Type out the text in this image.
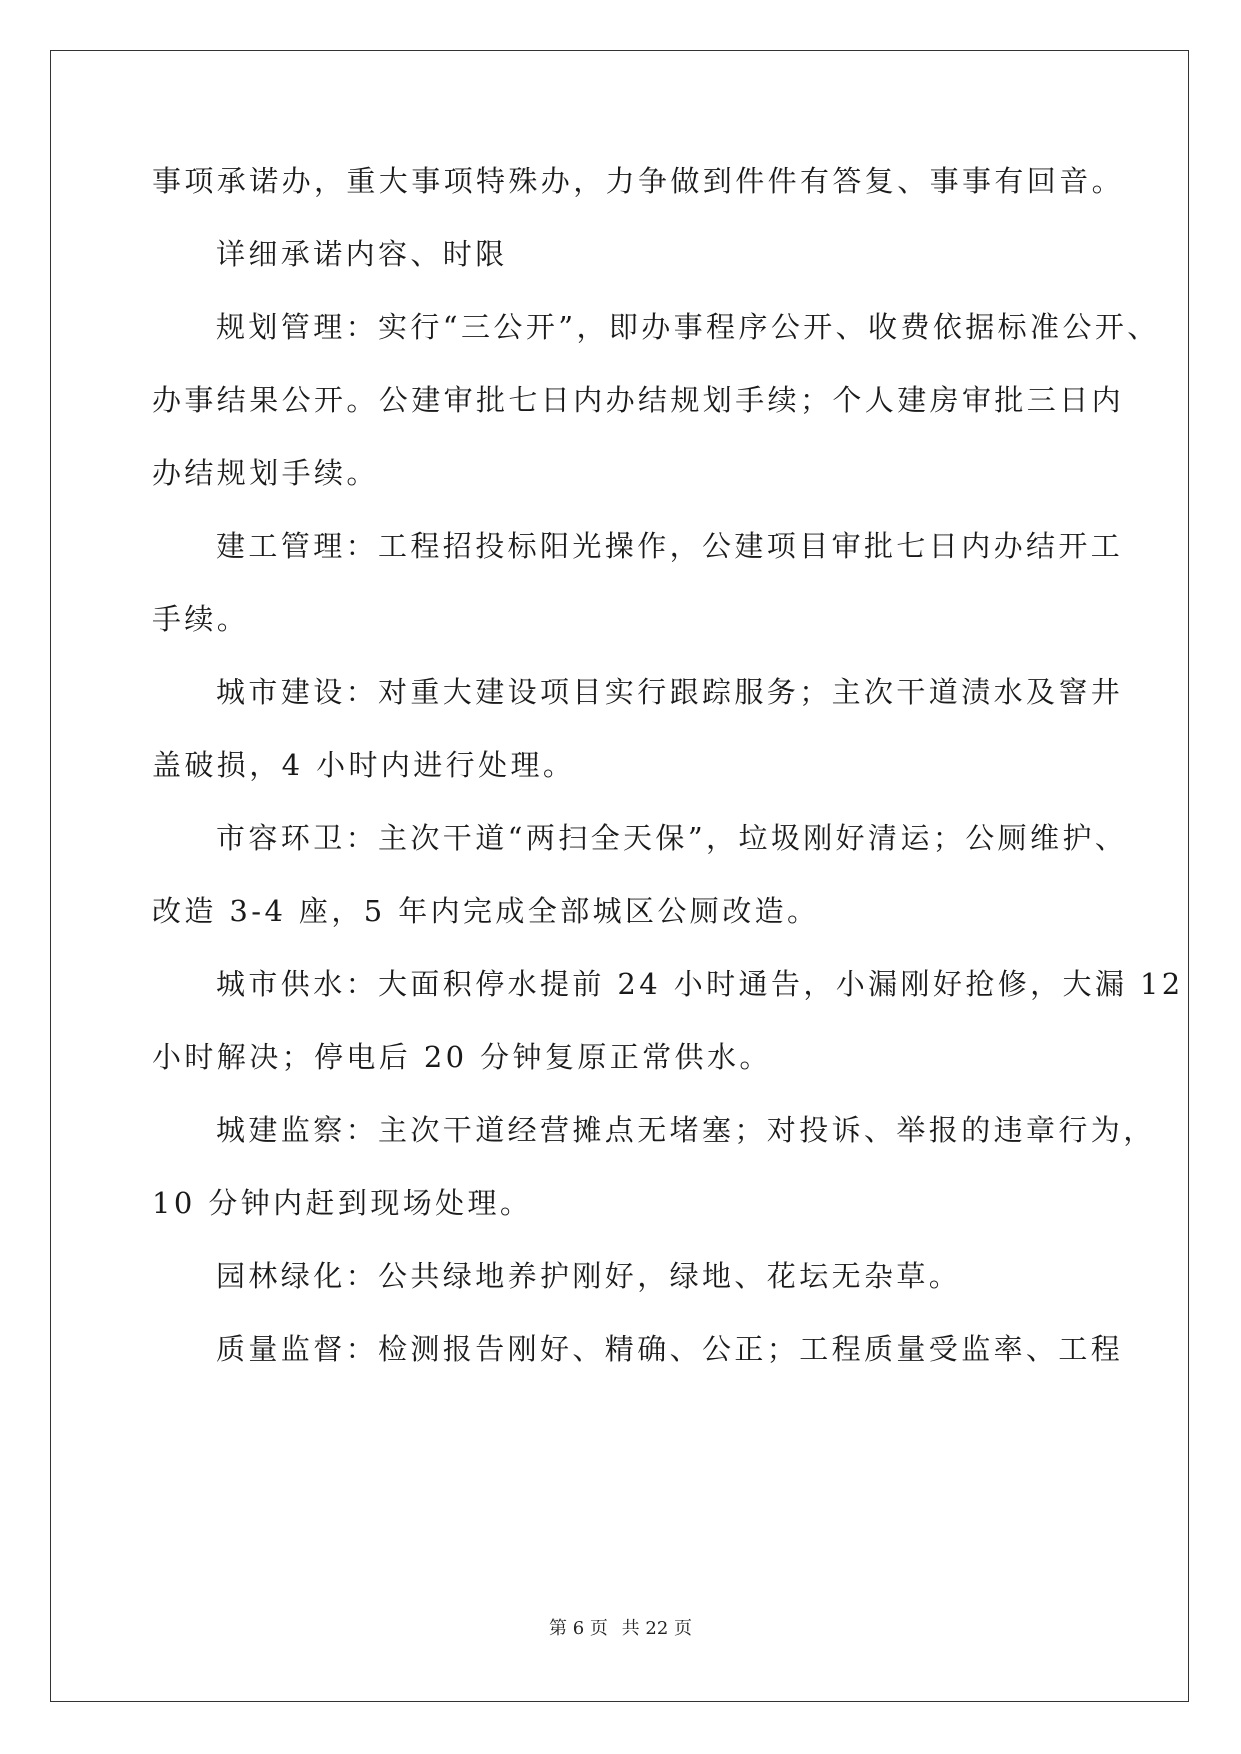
事项承诺办，重大事项特殊办，力争做到件件有答复、事事有回音。
详细承诺内容、时限
规划管理：实行“三公开”，即办事程序公开、收费依据标准公开、
办事结果公开。公建审批七日内办结规划手续；个人建房审批三日内
办结规划手续。
建工管理：工程招投标阳光操作，公建项目审批七日内办结开工
手续。
城市建设：对重大建设项目实行跟踪服务；主次干道渍水及窨井
盖破损，4 小时内进行处理。
市容环卫：主次干道“两扫全天保”，垃圾刚好清运；公厕维护、
改造 3-4 座，5 年内完成全部城区公厕改造。
城市供水：大面积停水提前 24 小时通告，小漏刚好抢修，大漏 12
小时解决；停电后 20 分钟复原正常供水。
城建监察：主次干道经营摊点无堵塞；对投诉、举报的违章行为，
10 分钟内赶到现场处理。
园林绿化：公共绿地养护刚好，绿地、花坛无杂草。
质量监督：检测报告刚好、精确、公正；工程质量受监率、工程
第 6 页 共 22 页
